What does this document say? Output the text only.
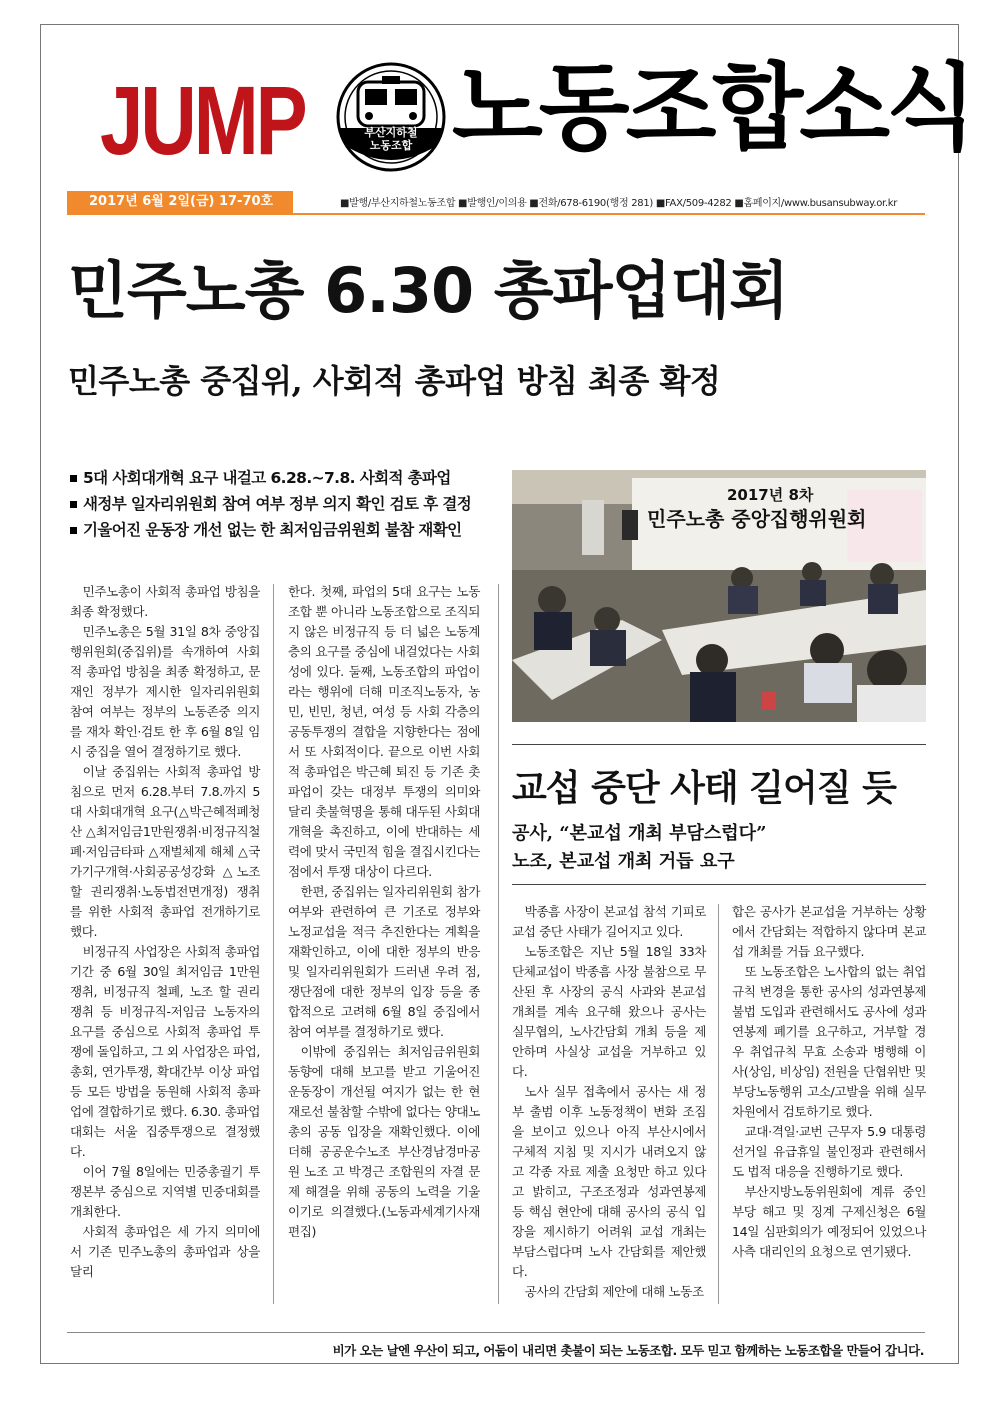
JUMP	부산지하철
노동조합 노동조합소식
2017년 6월 2일(금) 17-70호	■발행/부산지하철노동조합 ■발행인/이의용 ■전화/678-6190(행정 281) ■FAX/509-4282 ■홈페이지/www.busansubway.or.kr
민주노총 6.30 총파업대회
민주노총 중집위, 사회적 총파업 방침 최종 확정
5대 사회대개혁 요구 내걸고 6.28.~7.8. 사회적 총파업
새정부 일자리위원회 참여 여부 정부 의지 확인 검토 후 결정
기울어진 운동장 개선 없는 한 최저임금위원회 불참 재확인
2017년 8차
민주노총 중앙집행위원회

민주노총이 사회적 총파업 방침을 최종 확정했다.

민주노총은 5월 31일 8차 중앙집행위원회(중집위)를 속개하여 사회적 총파업 방침을 최종 확정하고, 문재인 정부가 제시한 일자리위원회 참여 여부는 정부의 노동존중 의지를 재차 확인·검토 한 후 6월 8일 임시 중집을 열어 결정하기로 했다.

이날 중집위는 사회적 총파업 방침으로 먼저 6.28.부터 7.8.까지 5대 사회대개혁 요구(△박근혜적폐청산 △최저임금1만원쟁취·비정규직철폐·저임금타파 △재벌체제 해체 △국가기구개혁·사회공공성강화 △노조할 권리쟁취·노동법전면개정) 쟁취를 위한 사회적 총파업 전개하기로 했다.

비정규직 사업장은 사회적 총파업 기간 중 6월 30일 최저임금 1만원 쟁취, 비정규직 철폐, 노조 할 권리 쟁취 등 비정규직-저임금 노동자의 요구를 중심으로 사회적 총파업 투쟁에 돌입하고, 그 외 사업장은 파업, 총회, 연가투쟁, 확대간부 이상 파업 등 모든 방법을 동원해 사회적 총파업에 결합하기로 했다. 6.30. 총파업 대회는 서울 집중투쟁으로 결정했다.

이어 7월 8일에는 민중총궐기 투쟁본부 중심으로 지역별 민중대회를 개최한다.

사회적 총파업은 세 가지 의미에서 기존 민주노총의 총파업과 상을 달리

한다. 첫째, 파업의 5대 요구는 노동조합 뿐 아니라 노동조합으로 조직되지 않은 비정규직 등 더 넓은 노동계층의 요구를 중심에 내걸었다는 사회성에 있다. 둘째, 노동조합의 파업이라는 행위에 더해 미조직노동자, 농민, 빈민, 청년, 여성 등 사회 각층의 공동투쟁의 결합을 지향한다는 점에서 또 사회적이다. 끝으로 이번 사회적 총파업은 박근혜 퇴진 등 기존 촛파업이 갖는 대정부 투쟁의 의미와 달리 촛불혁명을 통해 대두된 사회대개혁을 촉진하고, 이에 반대하는 세력에 맞서 국민적 힘을 결집시킨다는 점에서 투쟁 대상이 다르다.

한편, 중집위는 일자리위원회 참가 여부와 관련하여 큰 기조로 정부와 노정교섭을 적극 추진한다는 계획을 재확인하고, 이에 대한 정부의 반응 및 일자리위원회가 드러낸 우려 점, 쟁단점에 대한 정부의 입장 등을 종합적으로 고려해 6월 8일 중집에서 참여 여부를 결정하기로 했다.

이밖에 중집위는 최저임금위원회 동향에 대해 보고를 받고 기울어진 운동장이 개선될 여지가 없는 한 현재로선 불참할 수밖에 없다는 양대노총의 공동 입장을 재확인했다. 이에 더해 공공운수노조 부산경남경마공원 노조 고 박경근 조합원의 자결 문제 해결을 위해 공동의 노력을 기울이기로 의결했다.(노동과세계기사재편집)

교섭 중단 사태 길어질 듯
공사, “본교섭 개최 부담스럽다”
노조, 본교섭 개최 거듭 요구

박종흠 사장이 본교섭 참석 기피로 교섭 중단 사태가 길어지고 있다.

노동조합은 지난 5월 18일 33차 단체교섭이 박종흠 사장 불참으로 무산된 후 사장의 공식 사과와 본교섭 개최를 계속 요구해 왔으나 공사는 실무협의, 노사간담회 개최 등을 제안하며 사실상 교섭을 거부하고 있다.

노사 실무 접촉에서 공사는 새 정부 출범 이후 노동정책이 변화 조짐을 보이고 있으나 아직 부산시에서 구체적 지침 및 지시가 내려오지 않고 각종 자료 제출 요청만 하고 있다고 밝히고, 구조조정과 성과연봉제 등 핵심 현안에 대해 공사의 공식 입장을 제시하기 어려워 교섭 개최는 부담스럽다며 노사 간담회를 제안했다.

공사의 간담회 제안에 대해 노동조

합은 공사가 본교섭을 거부하는 상황에서 간담회는 적합하지 않다며 본교섭 개최를 거듭 요구했다.

또 노동조합은 노사합의 없는 취업규칙 변경을 통한 공사의 성과연봉제 불법 도입과 관련해서도 공사에 성과연봉제 폐기를 요구하고, 거부할 경우 취업규칙 무효 소송과 병행해 이사(상임, 비상임) 전원을 단협위반 및 부당노동행위 고소/고발을 위해 실무차원에서 검토하기로 했다.

교대·격일·교번 근무자 5.9 대통령선거일 유급휴일 불인정과 관련해서도 법적 대응을 진행하기로 했다.

부산지방노동위원회에 계류 중인 부당 해고 및 징계 구제신청은 6월 14일 심판회의가 예정되어 있었으나 사측 대리인의 요청으로 연기됐다.

비가 오는 날엔 우산이 되고, 어둠이 내리면 촛불이 되는 노동조합. 모두 믿고 함께하는 노동조합을 만들어 갑니다.
